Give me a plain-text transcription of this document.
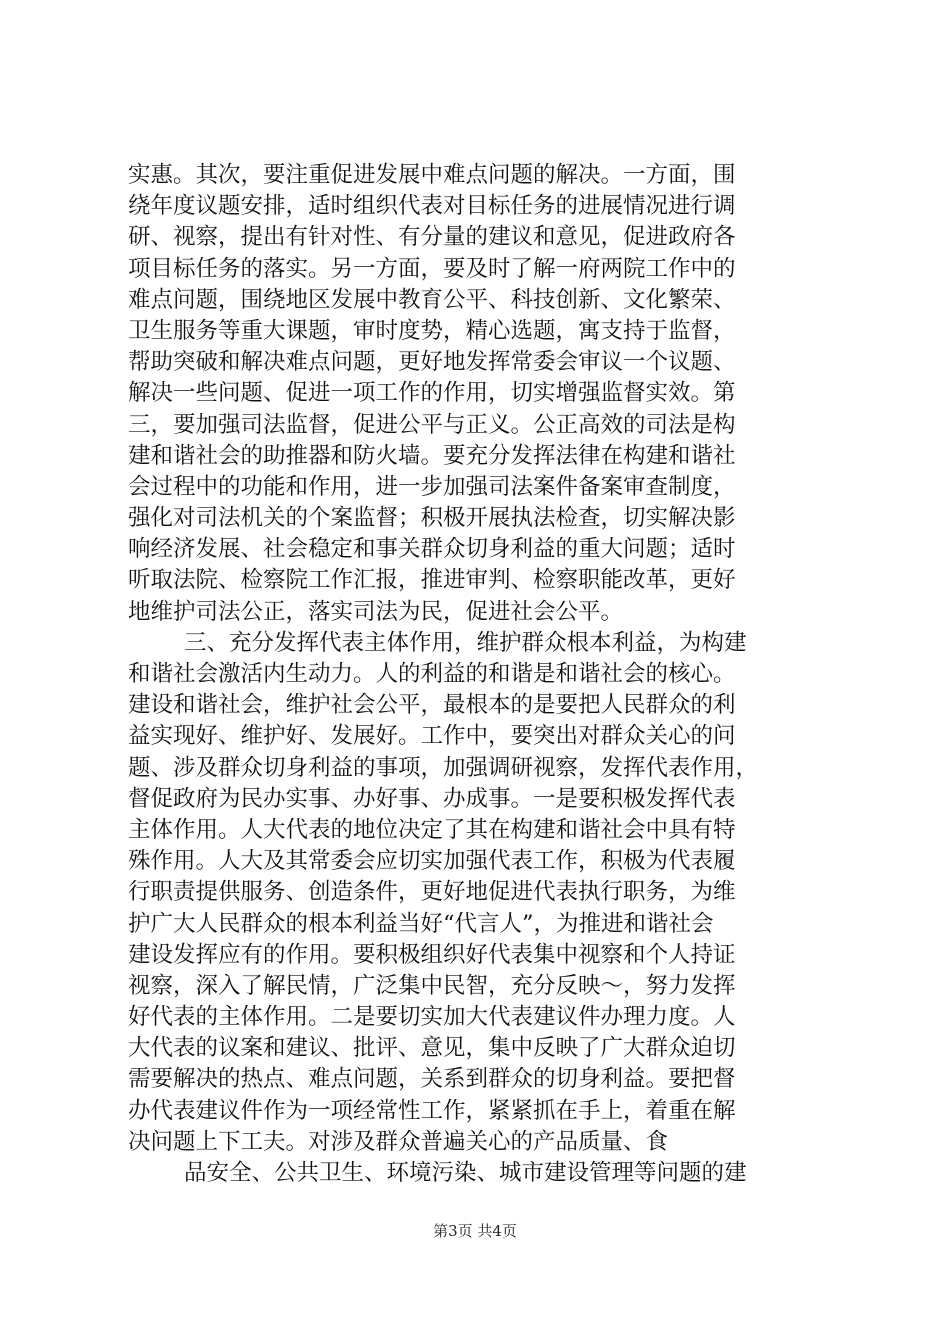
实惠。其次，要注重促进发展中难点问题的解决。一方面，围
绕年度议题安排，适时组织代表对目标任务的进展情况进行调
研、视察，提出有针对性、有分量的建议和意见，促进政府各
项目标任务的落实。另一方面，要及时了解一府两院工作中的
难点问题，围绕地区发展中教育公平、科技创新、文化繁荣、
卫生服务等重大课题，审时度势，精心选题，寓支持于监督，
帮助突破和解决难点问题，更好地发挥常委会审议一个议题、
解决一些问题、促进一项工作的作用，切实增强监督实效。第
三，要加强司法监督，促进公平与正义。公正高效的司法是构
建和谐社会的助推器和防火墙。要充分发挥法律在构建和谐社
会过程中的功能和作用，进一步加强司法案件备案审查制度，
强化对司法机关的个案监督；积极开展执法检查，切实解决影
响经济发展、社会稳定和事关群众切身利益的重大问题；适时
听取法院、检察院工作汇报，推进审判、检察职能改革，更好
地维护司法公正，落实司法为民，促进社会公平。
三、充分发挥代表主体作用，维护群众根本利益，为构建
和谐社会激活内生动力。人的利益的和谐是和谐社会的核心。
建设和谐社会，维护社会公平，最根本的是要把人民群众的利
益实现好、维护好、发展好。工作中，要突出对群众关心的问
题、涉及群众切身利益的事项，加强调研视察，发挥代表作用，
督促政府为民办实事、办好事、办成事。一是要积极发挥代表
主体作用。人大代表的地位决定了其在构建和谐社会中具有特
殊作用。人大及其常委会应切实加强代表工作，积极为代表履
行职责提供服务、创造条件，更好地促进代表执行职务，为维
护广大人民群众的根本利益当好“代言人”，为推进和谐社会
建设发挥应有的作用。要积极组织好代表集中视察和个人持证
视察，深入了解民情，广泛集中民智，充分反映～，努力发挥
好代表的主体作用。二是要切实加大代表建议件办理力度。人
大代表的议案和建议、批评、意见，集中反映了广大群众迫切
需要解决的热点、难点问题，关系到群众的切身利益。要把督
办代表建议件作为一项经常性工作，紧紧抓在手上，着重在解
决问题上下工夫。对涉及群众普遍关心的产品质量、食
品安全、公共卫生、环境污染、城市建设管理等问题的建
第3页 共4页
